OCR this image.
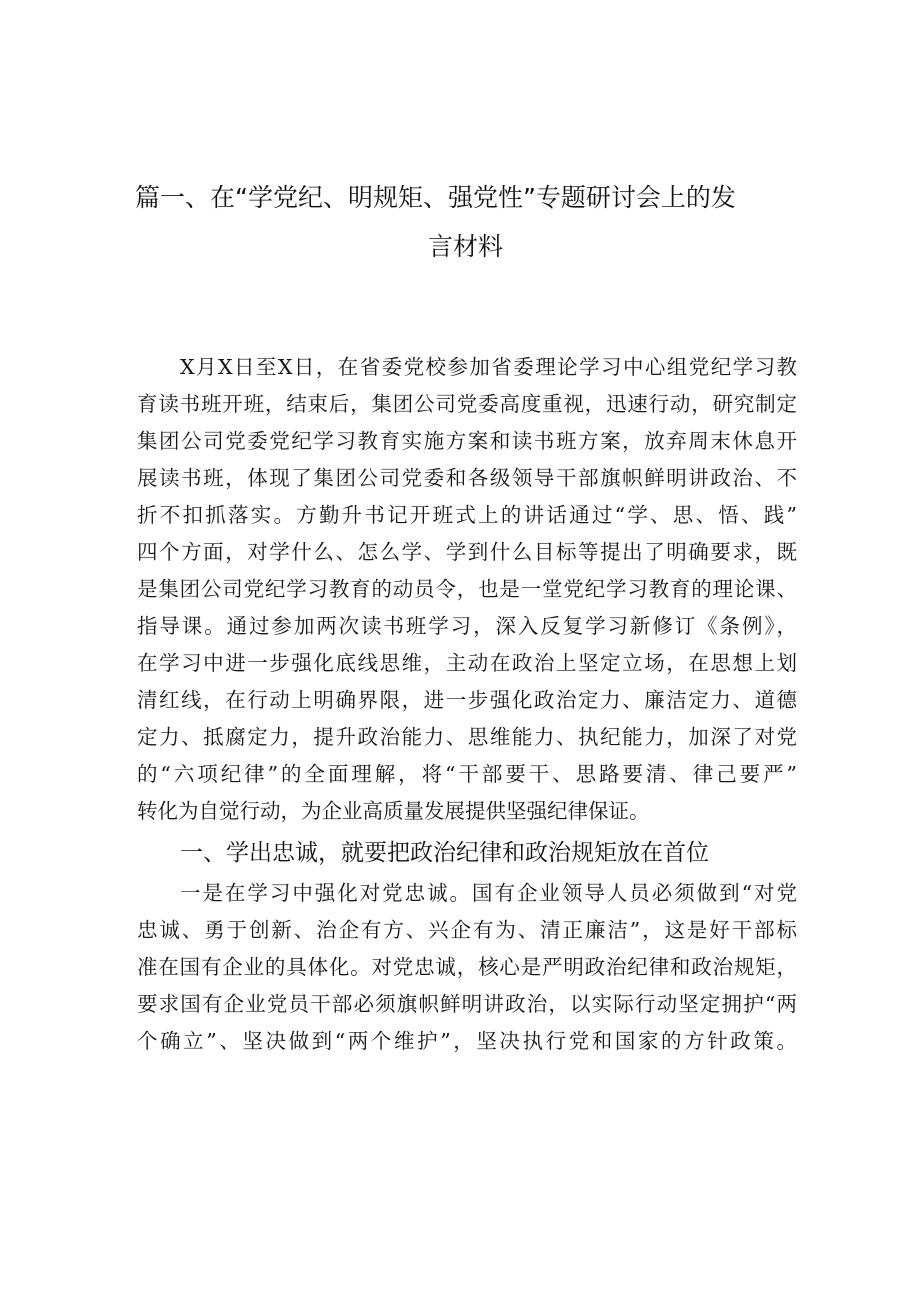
篇一、在“学党纪、明规矩、强党性”专题研讨会上的发
言材料
X月X日至X日，在省委党校参加省委理论学习中心组党纪学习教
育读书班开班，结束后，集团公司党委高度重视，迅速行动，研究制定
集团公司党委党纪学习教育实施方案和读书班方案，放弃周末休息开
展读书班，体现了集团公司党委和各级领导干部旗帜鲜明讲政治、不
折不扣抓落实。方勤升书记开班式上的讲话通过“学、思、悟、践”
四个方面，对学什么、怎么学、学到什么目标等提出了明确要求，既
是集团公司党纪学习教育的动员令，也是一堂党纪学习教育的理论课、
指导课。通过参加两次读书班学习，深入反复学习新修订《条例》，
在学习中进一步强化底线思维，主动在政治上坚定立场，在思想上划
清红线，在行动上明确界限，进一步强化政治定力、廉洁定力、道德
定力、抵腐定力，提升政治能力、思维能力、执纪能力，加深了对党
的“六项纪律”的全面理解，将“干部要干、思路要清、律己要严”
转化为自觉行动，为企业高质量发展提供坚强纪律保证。
一、学出忠诚，就要把政治纪律和政治规矩放在首位
一是在学习中强化对党忠诚。国有企业领导人员必须做到“对党
忠诚、勇于创新、治企有方、兴企有为、清正廉洁”，这是好干部标
准在国有企业的具体化。对党忠诚，核心是严明政治纪律和政治规矩，
要求国有企业党员干部必须旗帜鲜明讲政治，以实际行动坚定拥护“两
个确立”、坚决做到“两个维护”，坚决执行党和国家的方针政策。
